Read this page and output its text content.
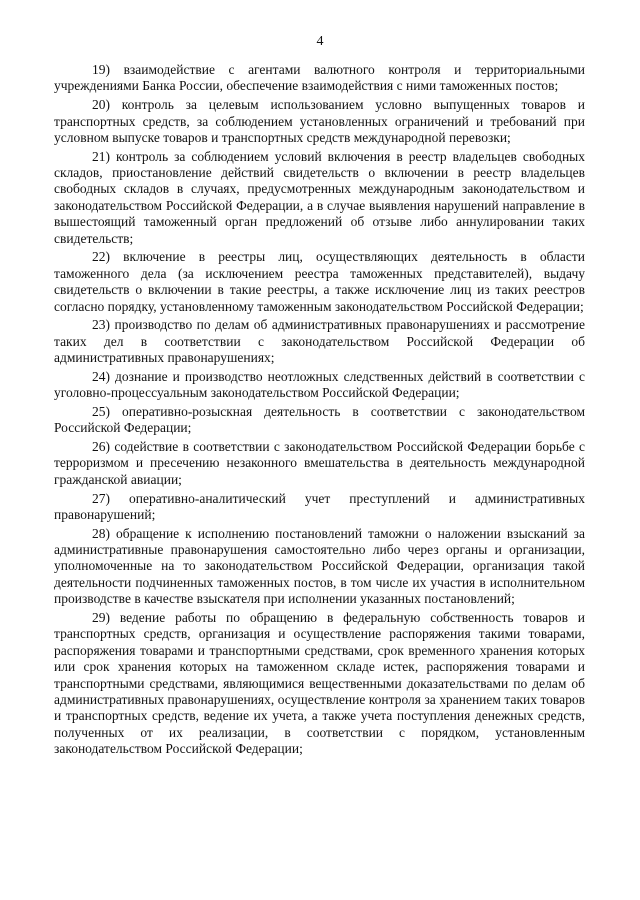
4

19) взаимодействие с агентами валютного контроля и территориальными учреждениями Банка России, обеспечение взаимодействия с ними таможенных постов;

20) контроль за целевым использованием условно выпущенных товаров и транспортных средств, за соблюдением установленных ограничений и требований при условном выпуске товаров и транспортных средств международной перевозки;

21) контроль за соблюдением условий включения в реестр владельцев свободных складов, приостановление действий свидетельств о включении в реестр владельцев свободных складов в случаях, предусмотренных международным законодательством и законодательством Российской Федерации, а в случае выявления нарушений направление в вышестоящий таможенный орган предложений об отзыве либо аннулировании таких свидетельств;

22) включение в реестры лиц, осуществляющих деятельность в области таможенного дела (за исключением реестра таможенных представителей), выдачу свидетельств о включении в такие реестры, а также исключение лиц из таких реестров согласно порядку, установленному таможенным законодательством Российской Федерации;

23) производство по делам об административных правонарушениях и рассмотрение таких дел в соответствии с законодательством Российской Федерации об административных правонарушениях;

24) дознание и производство неотложных следственных действий в соответствии с уголовно-процессуальным законодательством Российской Федерации;

25) оперативно-розыскная деятельность в соответствии с законодательством Российской Федерации;

26) содействие в соответствии с законодательством Российской Федерации борьбе с терроризмом и пресечению незаконного вмешательства в деятельность международной гражданской авиации;

27) оперативно-аналитический учет преступлений и административных правонарушений;

28) обращение к исполнению постановлений таможни о наложении взысканий за административные правонарушения самостоятельно либо через органы и организации, уполномоченные на то законодательством Российской Федерации, организация такой деятельности подчиненных таможенных постов, в том числе их участия в исполнительном производстве в качестве взыскателя при исполнении указанных постановлений;

29) ведение работы по обращению в федеральную собственность товаров и транспортных средств, организация и осуществление распоряжения такими товарами, распоряжения товарами и транспортными средствами, срок временного хранения которых или срок хранения которых на таможенном складе истек, распоряжения товарами и транспортными средствами, являющимися вещественными доказательствами по делам об административных правонарушениях, осуществление контроля за хранением таких товаров и транспортных средств, ведение их учета, а также учета поступления денежных средств, полученных от их реализации, в соответствии с порядком, установленным законодательством Российской Федерации;
